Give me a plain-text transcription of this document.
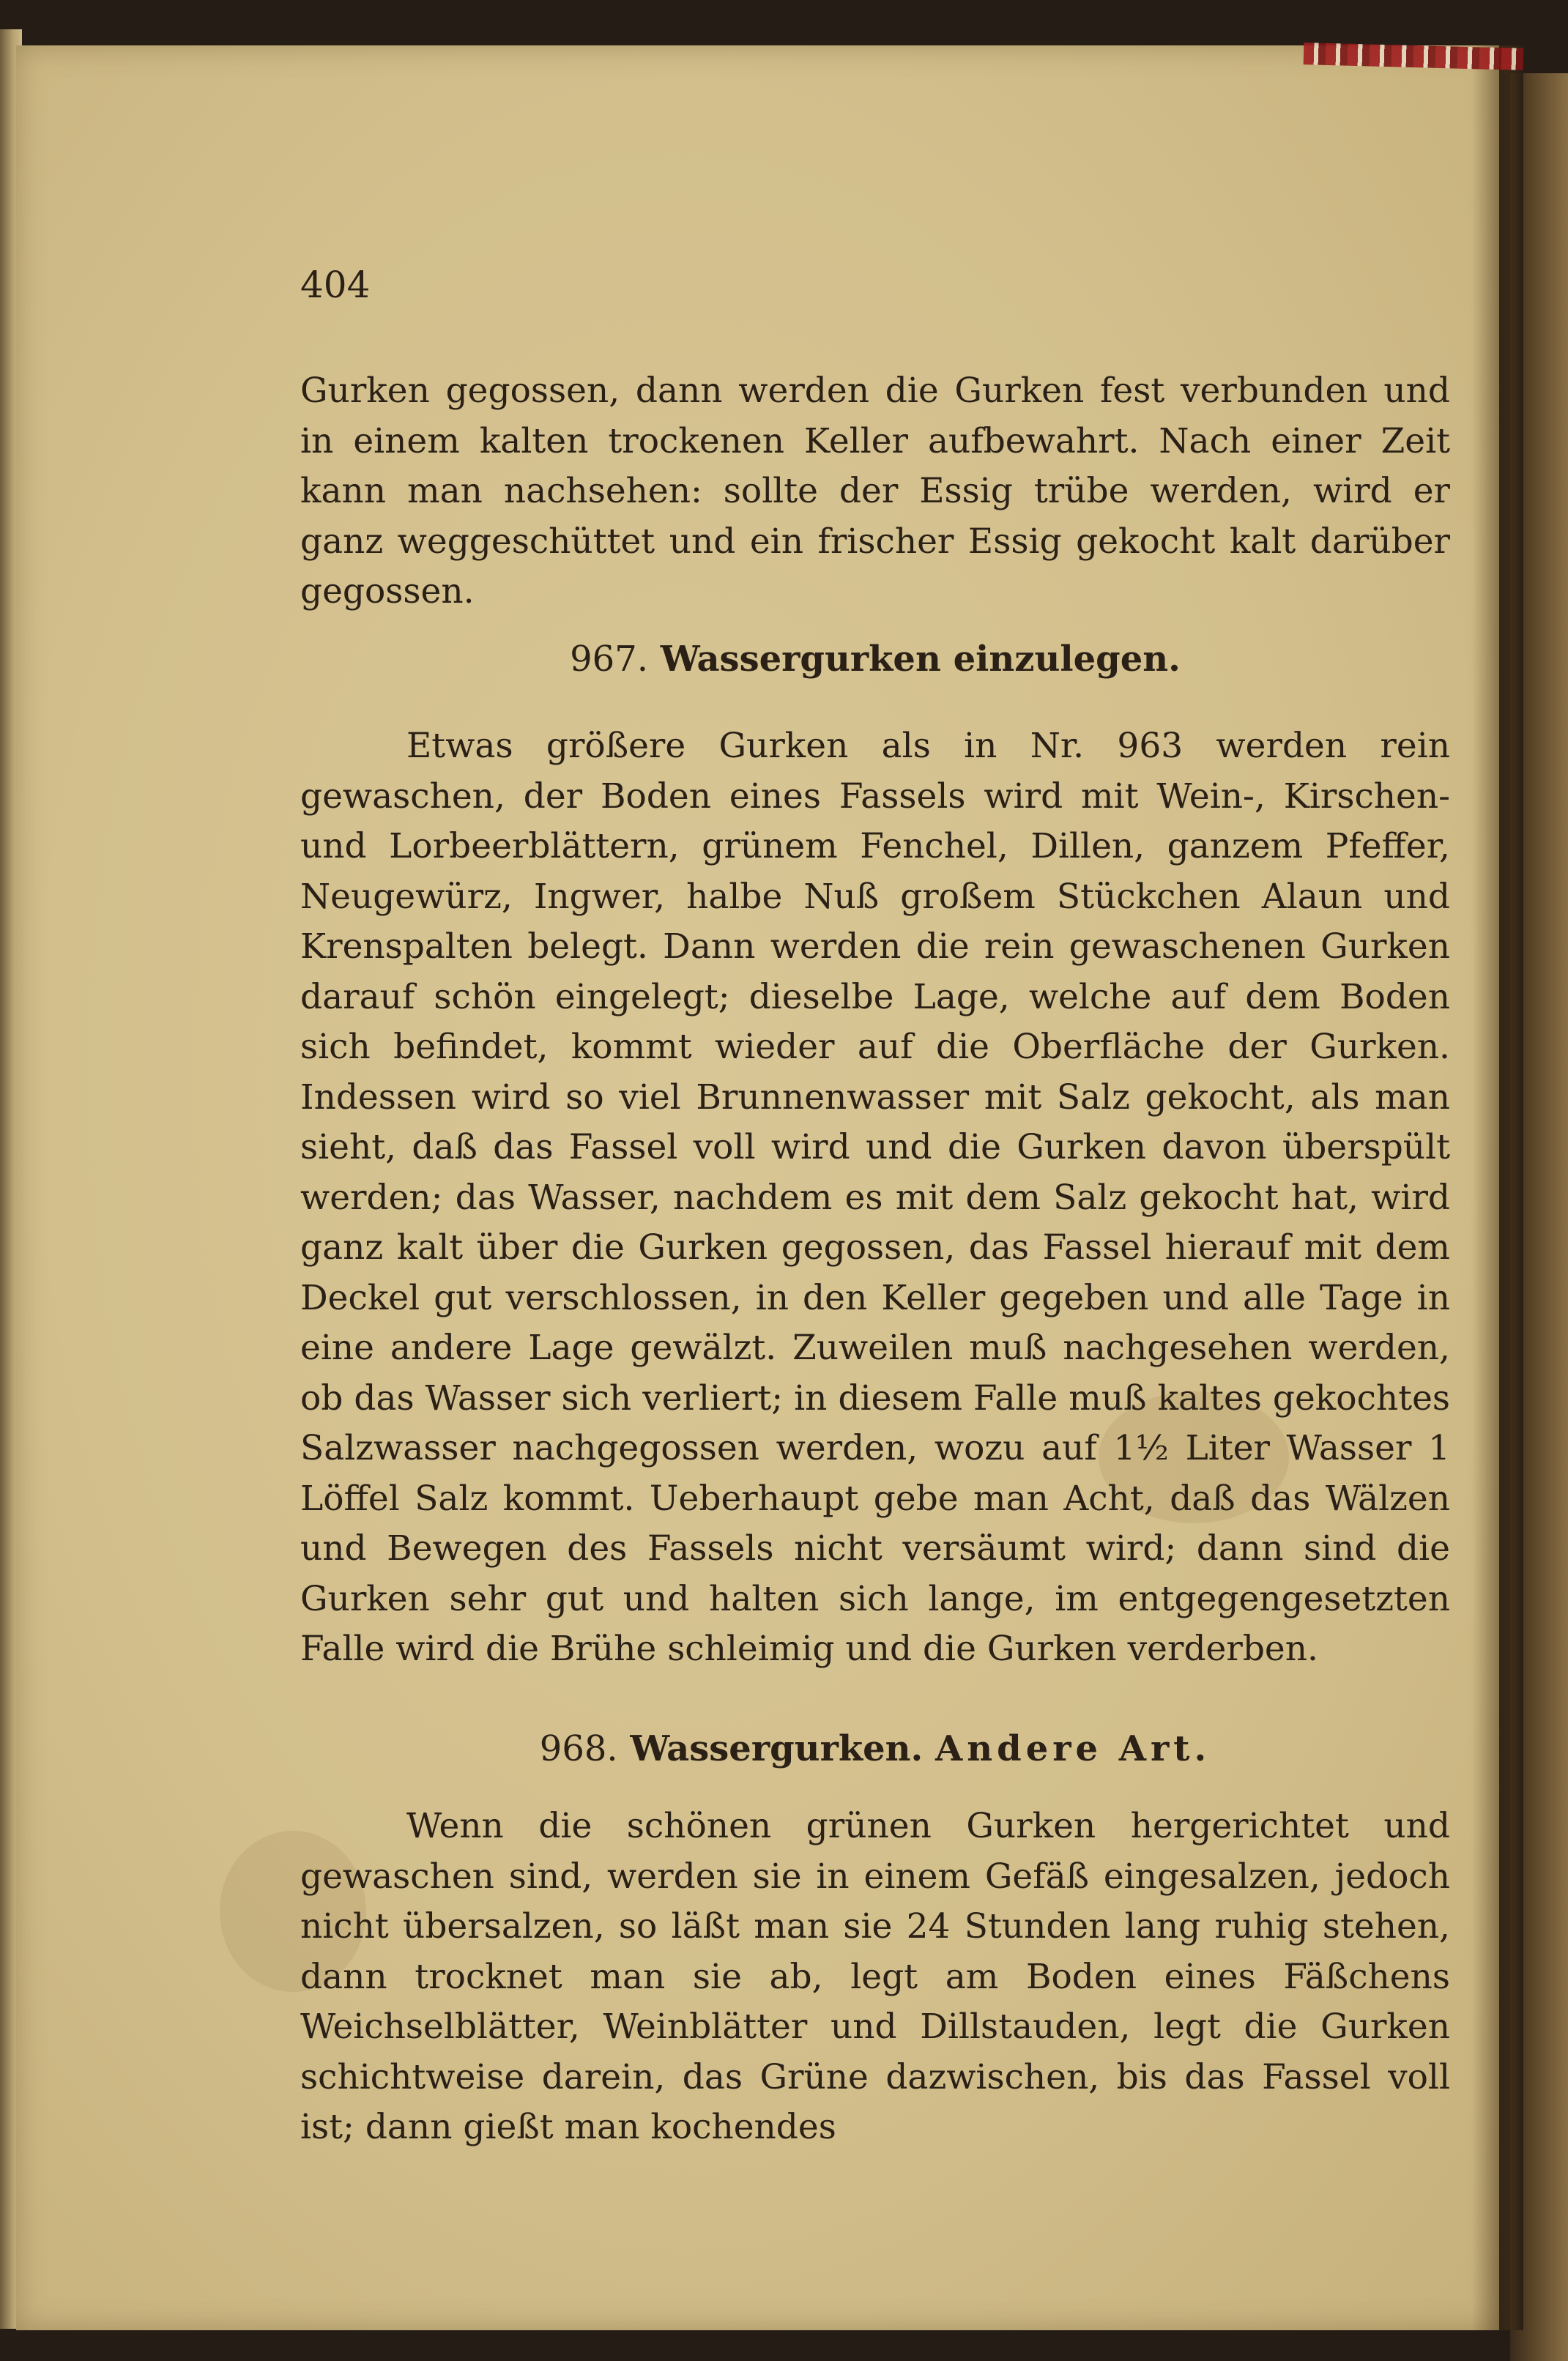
404

Gurken gegossen, dann werden die Gurken fest verbunden und in einem kalten trockenen Keller aufbewahrt. Nach einer Zeit kann man nachsehen: sollte der Essig trübe werden, wird er ganz weggeschüttet und ein frischer Essig gekocht kalt darüber gegossen.

967. Wassergurken einzulegen.

Etwas größere Gurken als in Nr. 963 werden rein gewaschen, der Boden eines Fassels wird mit Wein-, Kirschen- und Lorbeerblättern, grünem Fenchel, Dillen, ganzem Pfeffer, Neugewürz, Ingwer, halbe Nuß großem Stückchen Alaun und Krenspalten belegt. Dann werden die rein gewaschenen Gurken darauf schön eingelegt; dieselbe Lage, welche auf dem Boden sich befindet, kommt wieder auf die Oberfläche der Gurken. Indessen wird so viel Brunnenwasser mit Salz gekocht, als man sieht, daß das Fassel voll wird und die Gurken davon überspült werden; das Wasser, nachdem es mit dem Salz gekocht hat, wird ganz kalt über die Gurken gegossen, das Fassel hierauf mit dem Deckel gut verschlossen, in den Keller gegeben und alle Tage in eine andere Lage gewälzt. Zuweilen muß nachgesehen werden, ob das Wasser sich verliert; in diesem Falle muß kaltes gekochtes Salzwasser nachgegossen werden, wozu auf 1½ Liter Wasser 1 Löffel Salz kommt. Ueberhaupt gebe man Acht, daß das Wälzen und Bewegen des Fassels nicht versäumt wird; dann sind die Gurken sehr gut und halten sich lange, im entgegengesetzten Falle wird die Brühe schleimig und die Gurken verderben.

968. Wassergurken. Andere Art.

Wenn die schönen grünen Gurken hergerichtet und gewaschen sind, werden sie in einem Gefäß eingesalzen, jedoch nicht übersalzen, so läßt man sie 24 Stunden lang ruhig stehen, dann trocknet man sie ab, legt am Boden eines Fäßchens Weichselblätter, Weinblätter und Dillstauden, legt die Gurken schichtweise darein, das Grüne dazwischen, bis das Fassel voll ist; dann gießt man kochendes
